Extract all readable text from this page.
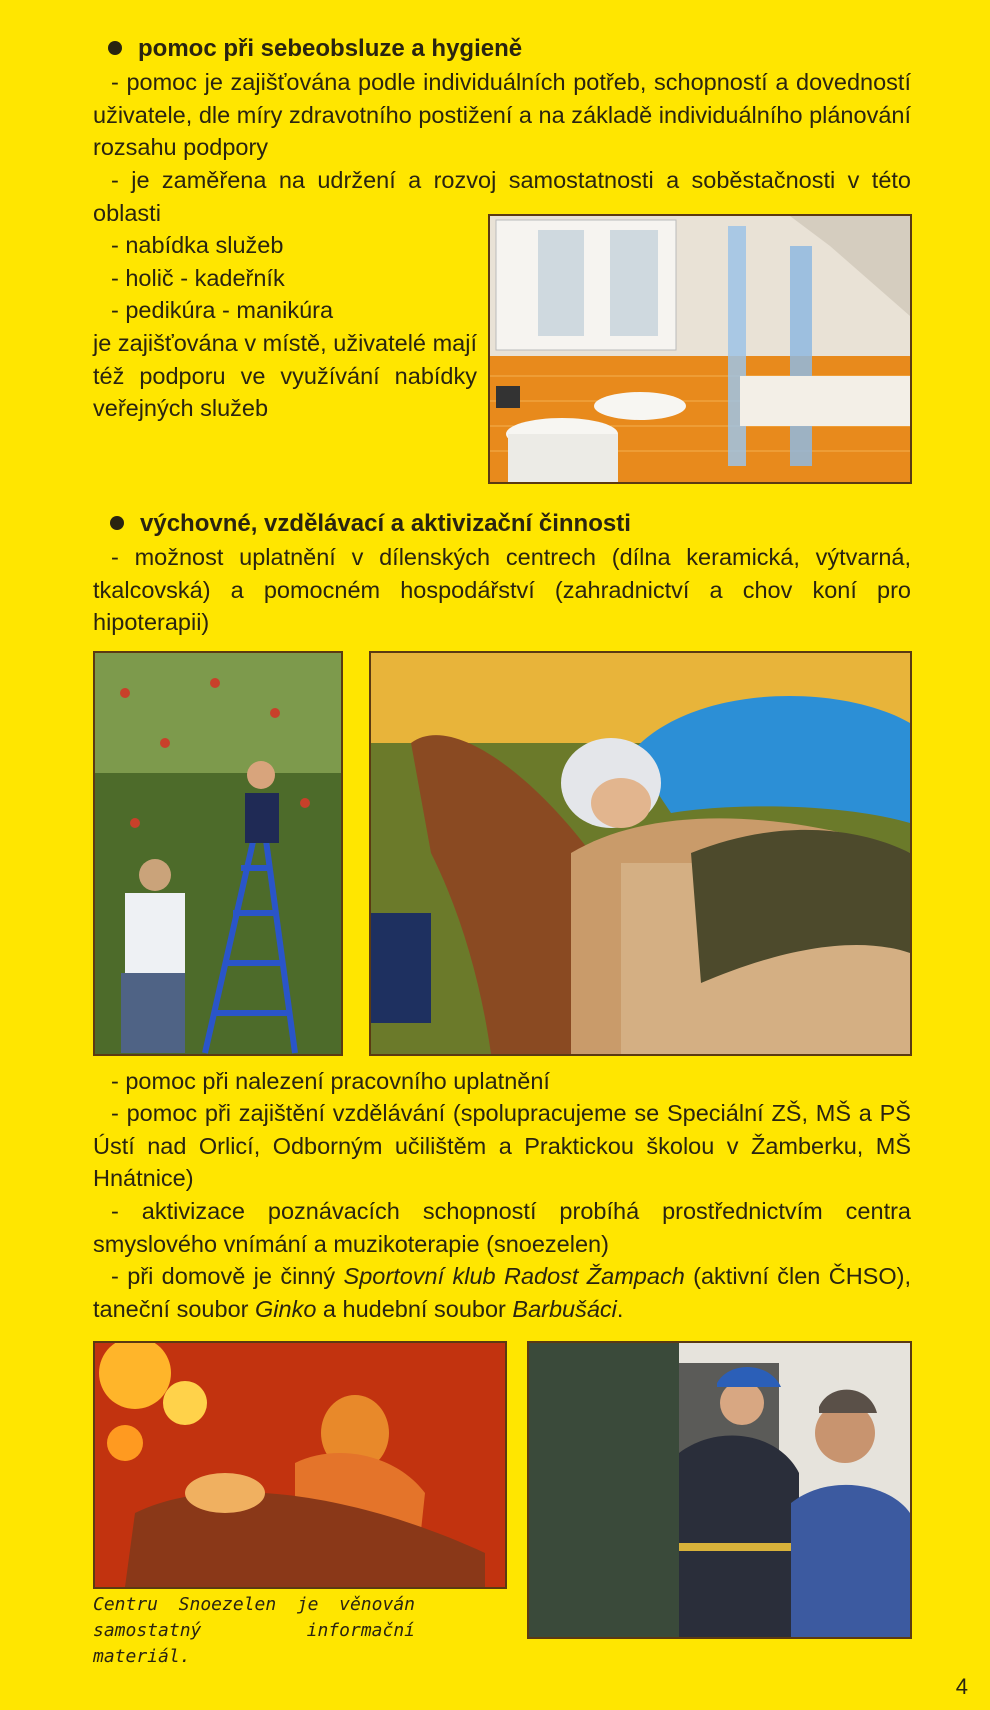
pomoc při sebeobsluze a hygieně
- pomoc je zajišťována podle individuálních potřeb, schopností a dovedností uživatele, dle míry zdravotního postižení a na základě individuálního plánování rozsahu podpory
- je zaměřena na udržení a rozvoj samostatnosti a soběstačnosti v této oblasti
- nabídka služeb
- holič - kadeřník
- pedikúra - manikúra
je zajišťována v místě, uživatelé mají též podporu ve využívání nabídky veřejných služeb
výchovné, vzdělávací a aktivizační činnosti
- možnost uplatnění v dílenských centrech (dílna keramická, výtvarná, tkalcovská) a pomocném hospodářství (zahradnictví a chov koní pro hipoterapii)
- pomoc při nalezení pracovního uplatnění
- pomoc při zajištění vzdělávání (spolupracujeme se Speciální ZŠ, MŠ a PŠ Ústí nad Orlicí, Odborným učilištěm a Praktickou školou v Žamberku, MŠ Hnátnice)
- aktivizace poznávacích schopností probíhá prostřednictvím centra smyslového vnímání a muzikoterapie (snoezelen)
- při domově je činný Sportovní klub Radost Žampach (aktivní člen ČHSO), taneční soubor Ginko a hudební soubor Barbušáci.
Centru Snoezelen je věnován samostatný informační materiál.
4
